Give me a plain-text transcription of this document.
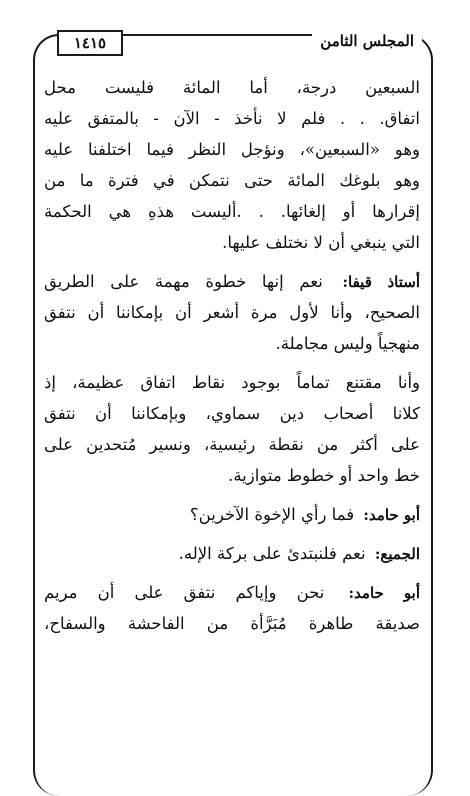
١٤١٥	المجلس الثامن
السبعين درجة، أما المائة فليست محل
اتفاق. . . فلم لا نأخذ - الآن - بالمتفق عليه
وهو «السبعين»، ونؤجل النظر فيما اختلفنا عليه
وهو بلوغك المائة حتى نتمكن في فترة ما من
إقرارها أو إلغائها. . .أليست هذهِ هي الحكمة
التي ينبغي أن لا نختلف عليها.
أستاذ قيفا: نعم إنها خطوة مهمة على الطريق
الصحيح، وأنا لأول مرة أشعر أن بإمكاننا أن نتفق
منهجياً وليس مجاملة.
وأنا مقتنع تماماً بوجود نقاط اتفاق عظيمة، إذ
كلانا أصحاب دين سماوي، وبإمكاننا أن نتفق
على أكثر من نقطة رئيسية، ونسير مُتحدين على
خط واحد أو خطوط متوازية.
أبو حامد: فما رأي الإخوة الآخرين؟
الجميع: نعم فلنبتدئ على بركة الإله.
أبو حامد: نحن وإياكم نتفق على أن مريم
صديقة طاهرة مُبَرَّأة من الفاحشة والسفاح،
